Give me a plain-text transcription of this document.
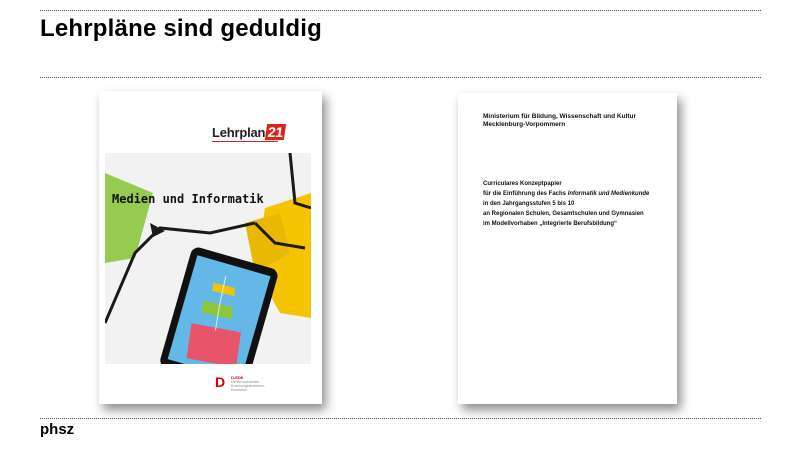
Lehrpläne sind geduldig
Lehrplan 21
Medien und Informatik
D	D-EDK
Deutschschweizer Erziehungsdirektoren-Konferenz
Ministerium für Bildung, Wissenschaft und Kultur
Mecklenburg-Vorpommern
Curriculares Konzeptpapier
für die Einführung des Fachs Informatik und Medienkunde
in den Jahrgangsstufen 5 bis 10
an Regionalen Schulen, Gesamtschulen und Gymnasien
im Modellvorhaben „Integrierte Berufsbildung“
phsz
